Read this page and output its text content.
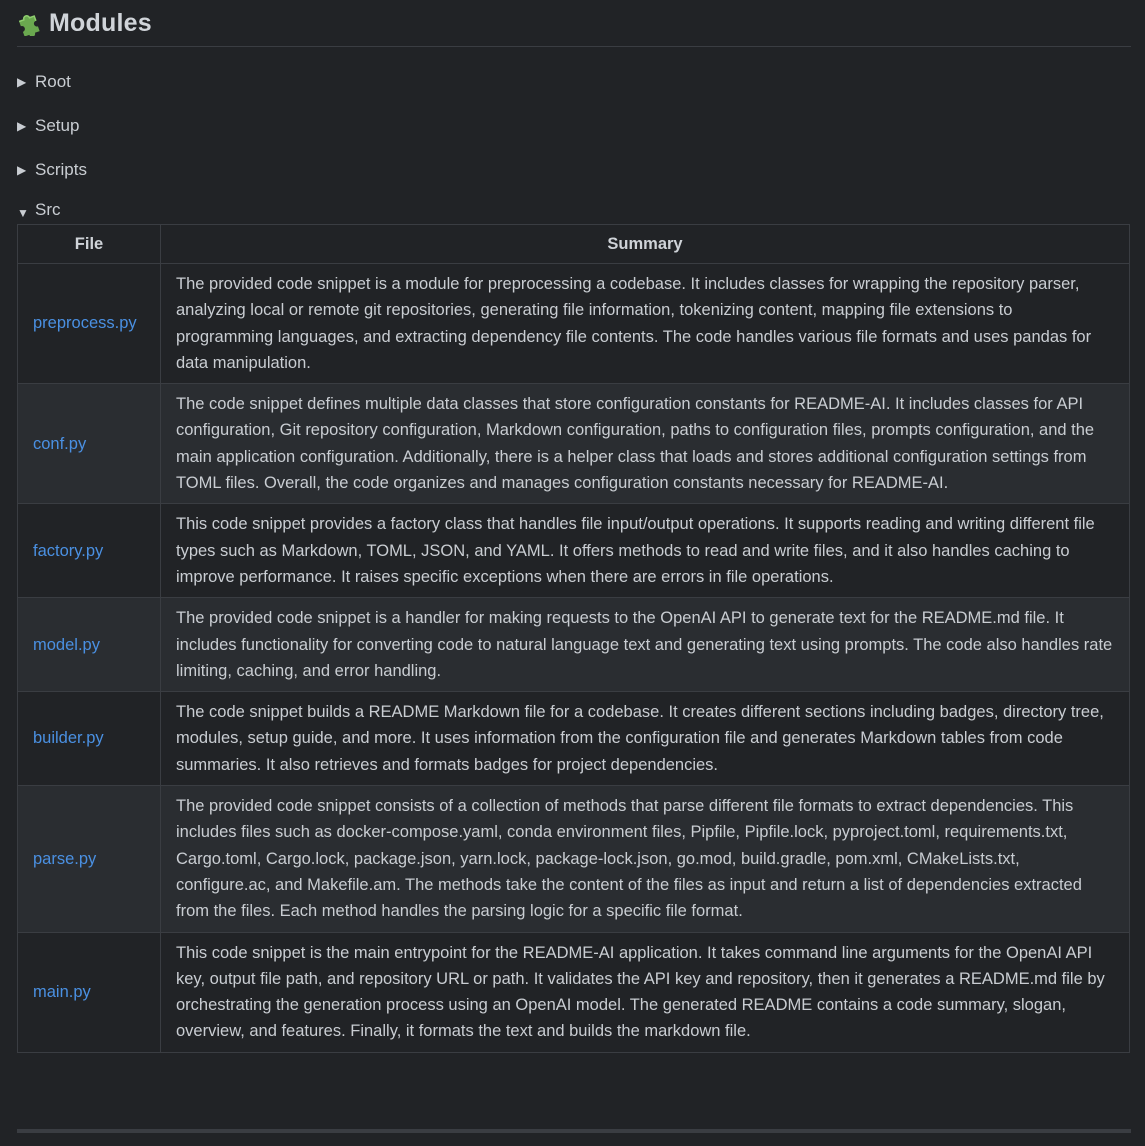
Modules
▶ Root
▶ Setup
▶ Scripts
▼ Src
File	Summary
preprocess.py	The provided code snippet is a module for preprocessing a codebase. It includes classes for wrapping the repository parser, analyzing local or remote git repositories, generating file information, tokenizing content, mapping file extensions to programming languages, and extracting dependency file contents. The code handles various file formats and uses pandas for data manipulation.
conf.py	The code snippet defines multiple data classes that store configuration constants for README-AI. It includes classes for API configuration, Git repository configuration, Markdown configuration, paths to configuration files, prompts configuration, and the main application configuration. Additionally, there is a helper class that loads and stores additional configuration settings from TOML files. Overall, the code organizes and manages configuration constants necessary for README-AI.
factory.py	This code snippet provides a factory class that handles file input/output operations. It supports reading and writing different file types such as Markdown, TOML, JSON, and YAML. It offers methods to read and write files, and it also handles caching to improve performance. It raises specific exceptions when there are errors in file operations.
model.py	The provided code snippet is a handler for making requests to the OpenAI API to generate text for the README.md file. It includes functionality for converting code to natural language text and generating text using prompts. The code also handles rate limiting, caching, and error handling.
builder.py	The code snippet builds a README Markdown file for a codebase. It creates different sections including badges, directory tree, modules, setup guide, and more. It uses information from the configuration file and generates Markdown tables from code summaries. It also retrieves and formats badges for project dependencies.
parse.py	The provided code snippet consists of a collection of methods that parse different file formats to extract dependencies. This includes files such as docker-compose.yaml, conda environment files, Pipfile, Pipfile.lock, pyproject.toml, requirements.txt, Cargo.toml, Cargo.lock, package.json, yarn.lock, package-lock.json, go.mod, build.gradle, pom.xml, CMakeLists.txt, configure.ac, and Makefile.am. The methods take the content of the files as input and return a list of dependencies extracted from the files. Each method handles the parsing logic for a specific file format.
main.py	This code snippet is the main entrypoint for the README-AI application. It takes command line arguments for the OpenAI API key, output file path, and repository URL or path. It validates the API key and repository, then it generates a README.md file by orchestrating the generation process using an OpenAI model. The generated README contains a code summary, slogan, overview, and features. Finally, it formats the text and builds the markdown file.
